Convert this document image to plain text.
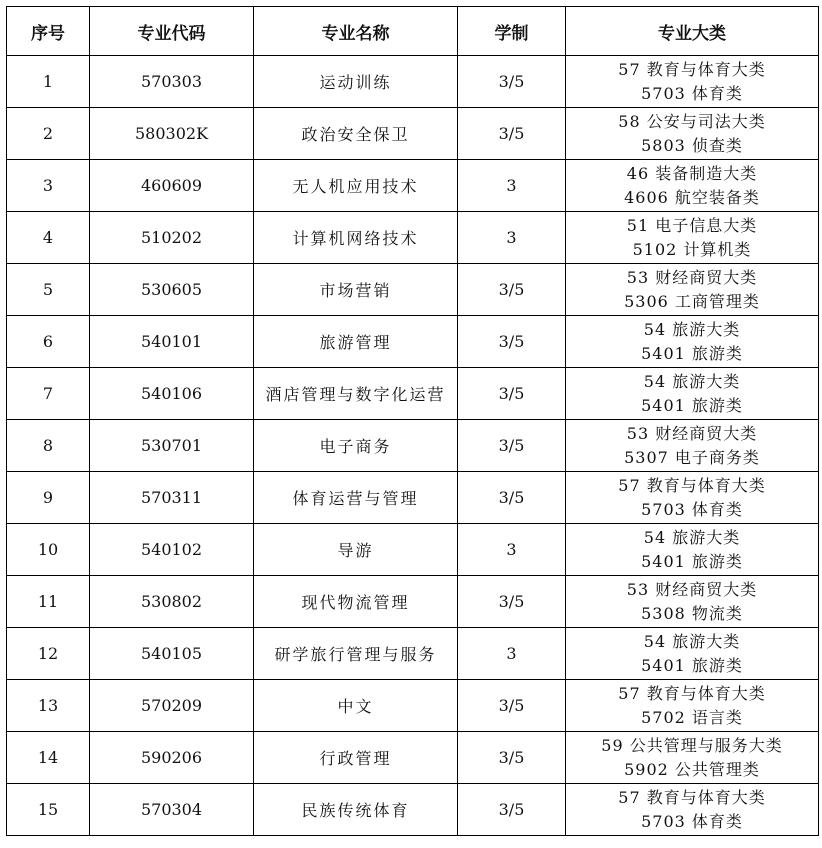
序号	专业代码	专业名称	学制	专业大类
1	570303	运动训练	3/5	57 教育与体育大类
5703 体育类

2	580302K	政治安全保卫	3/5	58 公安与司法大类
5803 侦查类

3	460609	无人机应用技术	3	46 装备制造大类
4606 航空装备类

4	510202	计算机网络技术	3	51 电子信息大类
5102 计算机类

5	530605	市场营销	3/5	53 财经商贸大类
5306 工商管理类

6	540101	旅游管理	3/5	54 旅游大类
5401 旅游类

7	540106	酒店管理与数字化运营	3/5	54 旅游大类
5401 旅游类

8	530701	电子商务	3/5	53 财经商贸大类
5307 电子商务类

9	570311	体育运营与管理	3/5	57 教育与体育大类
5703 体育类

10	540102	导游	3	54 旅游大类
5401 旅游类

11	530802	现代物流管理	3/5	53 财经商贸大类
5308 物流类

12	540105	研学旅行管理与服务	3	54 旅游大类
5401 旅游类

13	570209	中文	3/5	57 教育与体育大类
5702 语言类

14	590206	行政管理	3/5	59 公共管理与服务大类
5902 公共管理类

15	570304	民族传统体育	3/5	57 教育与体育大类
5703 体育类
